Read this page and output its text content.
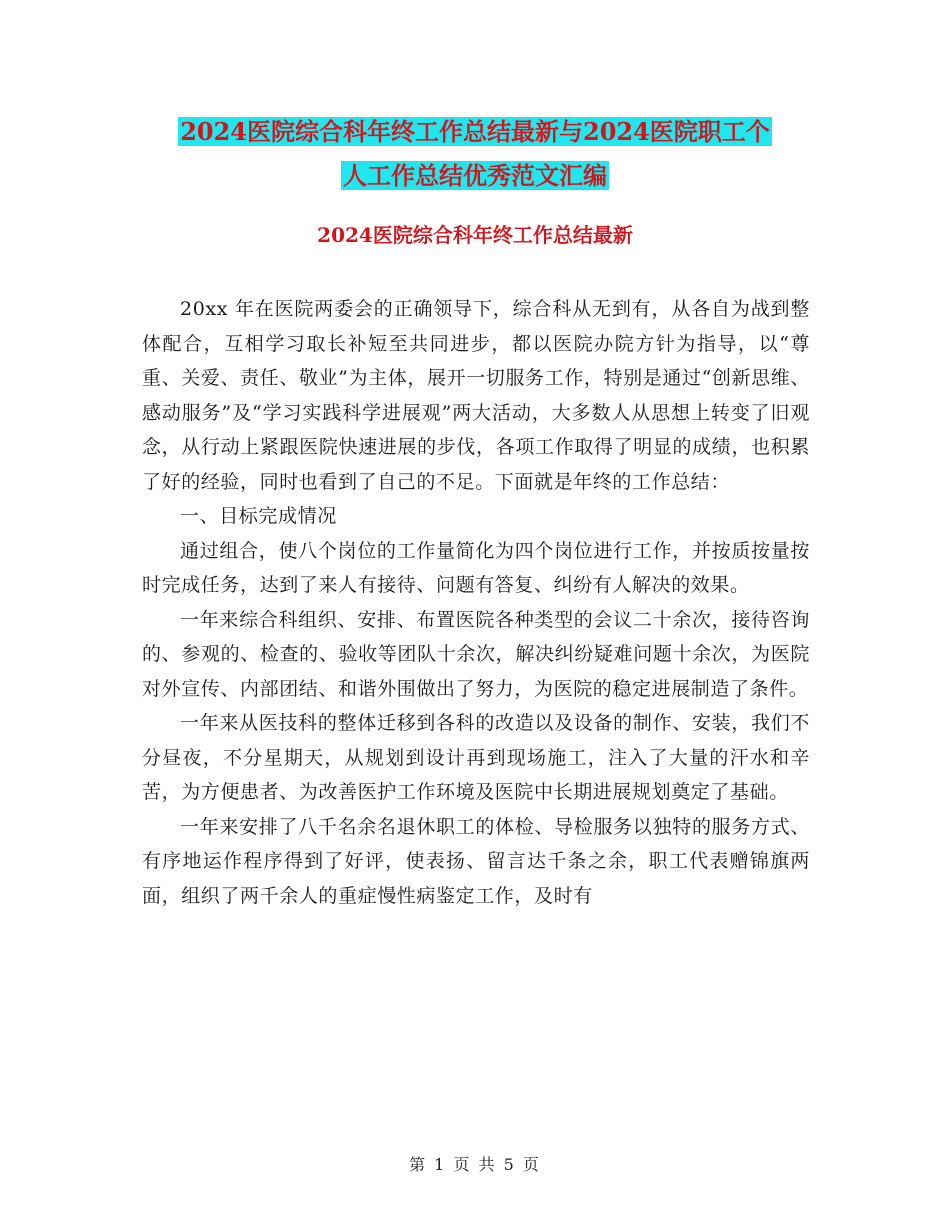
2024医院综合科年终工作总结最新与2024医院职工个
人工作总结优秀范文汇编
2024医院综合科年终工作总结最新

20xx 年在医院两委会的正确领导下，综合科从无到有，从各自为战到整体配合，互相学习取长补短至共同进步，都以医院办院方针为指导，以“尊重、关爱、责任、敬业”为主体，展开一切服务工作，特别是通过“创新思维、感动服务”及“学习实践科学进展观”两大活动，大多数人从思想上转变了旧观念，从行动上紧跟医院快速进展的步伐，各项工作取得了明显的成绩，也积累了好的经验，同时也看到了自己的不足。下面就是年终的工作总结：

一、目标完成情况

通过组合，使八个岗位的工作量简化为四个岗位进行工作，并按质按量按时完成任务，达到了来人有接待、问题有答复、纠纷有人解决的效果。

一年来综合科组织、安排、布置医院各种类型的会议二十余次，接待咨询的、参观的、检查的、验收等团队十余次，解决纠纷疑难问题十余次，为医院对外宣传、内部团结、和谐外围做出了努力，为医院的稳定进展制造了条件。

一年来从医技科的整体迁移到各科的改造以及设备的制作、安装，我们不分昼夜，不分星期天，从规划到设计再到现场施工，注入了大量的汗水和辛苦，为方便患者、为改善医护工作环境及医院中长期进展规划奠定了基础。

一年来安排了八千名余名退休职工的体检、导检服务以独特的服务方式、有序地运作程序得到了好评，使表扬、留言达千条之余，职工代表赠锦旗两面，组织了两千余人的重症慢性病鉴定工作，及时有

第 1 页 共 5 页
